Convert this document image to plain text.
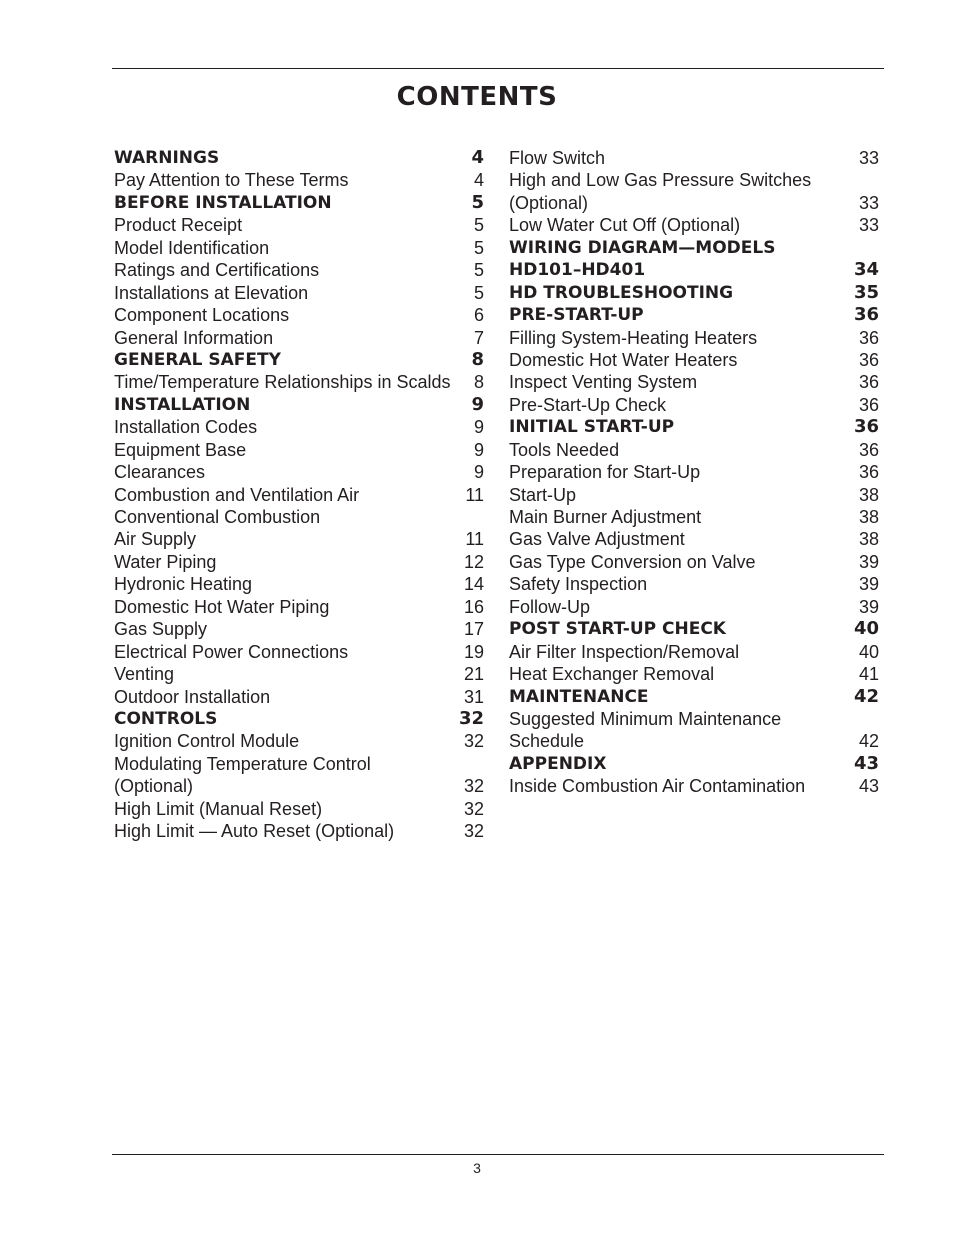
CONTENTS
WARNINGS	4
Pay Attention to These Terms	4
BEFORE INSTALLATION	5
Product Receipt	5
Model Identification	5
Ratings and Certifications	5
Installations at Elevation	5
Component Locations	6
General Information	7
GENERAL SAFETY	8
Time/Temperature Relationships in Scalds 8
INSTALLATION	9
Installation Codes	9
Equipment Base	9
Clearances	9
Combustion and Ventilation Air	11
Conventional Combustion
Air Supply	11
Water Piping	12
Hydronic Heating	14
Domestic Hot Water Piping	16
Gas Supply	17
Electrical Power Connections	19
Venting	21
Outdoor Installation	31
CONTROLS	32
Ignition Control Module	32
Modulating Temperature Control
(Optional)	32
High Limit (Manual Reset)	32
High Limit — Auto Reset (Optional)	32
Flow Switch	33
High and Low Gas Pressure Switches
(Optional)	33
Low Water Cut Off (Optional)	33
WIRING DIAGRAM—MODELS
HD101–HD401	34
HD TROUBLESHOOTING	35
PRE-START-UP	36
Filling System-Heating Heaters	36
Domestic Hot Water Heaters	36
Inspect Venting System	36
Pre-Start-Up Check	36
INITIAL START-UP	36
Tools Needed	36
Preparation for Start-Up	36
Start-Up	38
Main Burner Adjustment	38
Gas Valve Adjustment	38
Gas Type Conversion on Valve	39
Safety Inspection	39
Follow-Up	39
POST START-UP CHECK	40
Air Filter Inspection/Removal	40
Heat Exchanger Removal	41
MAINTENANCE	42
Suggested Minimum Maintenance
Schedule	42
APPENDIX	43
Inside Combustion Air Contamination	43
3
